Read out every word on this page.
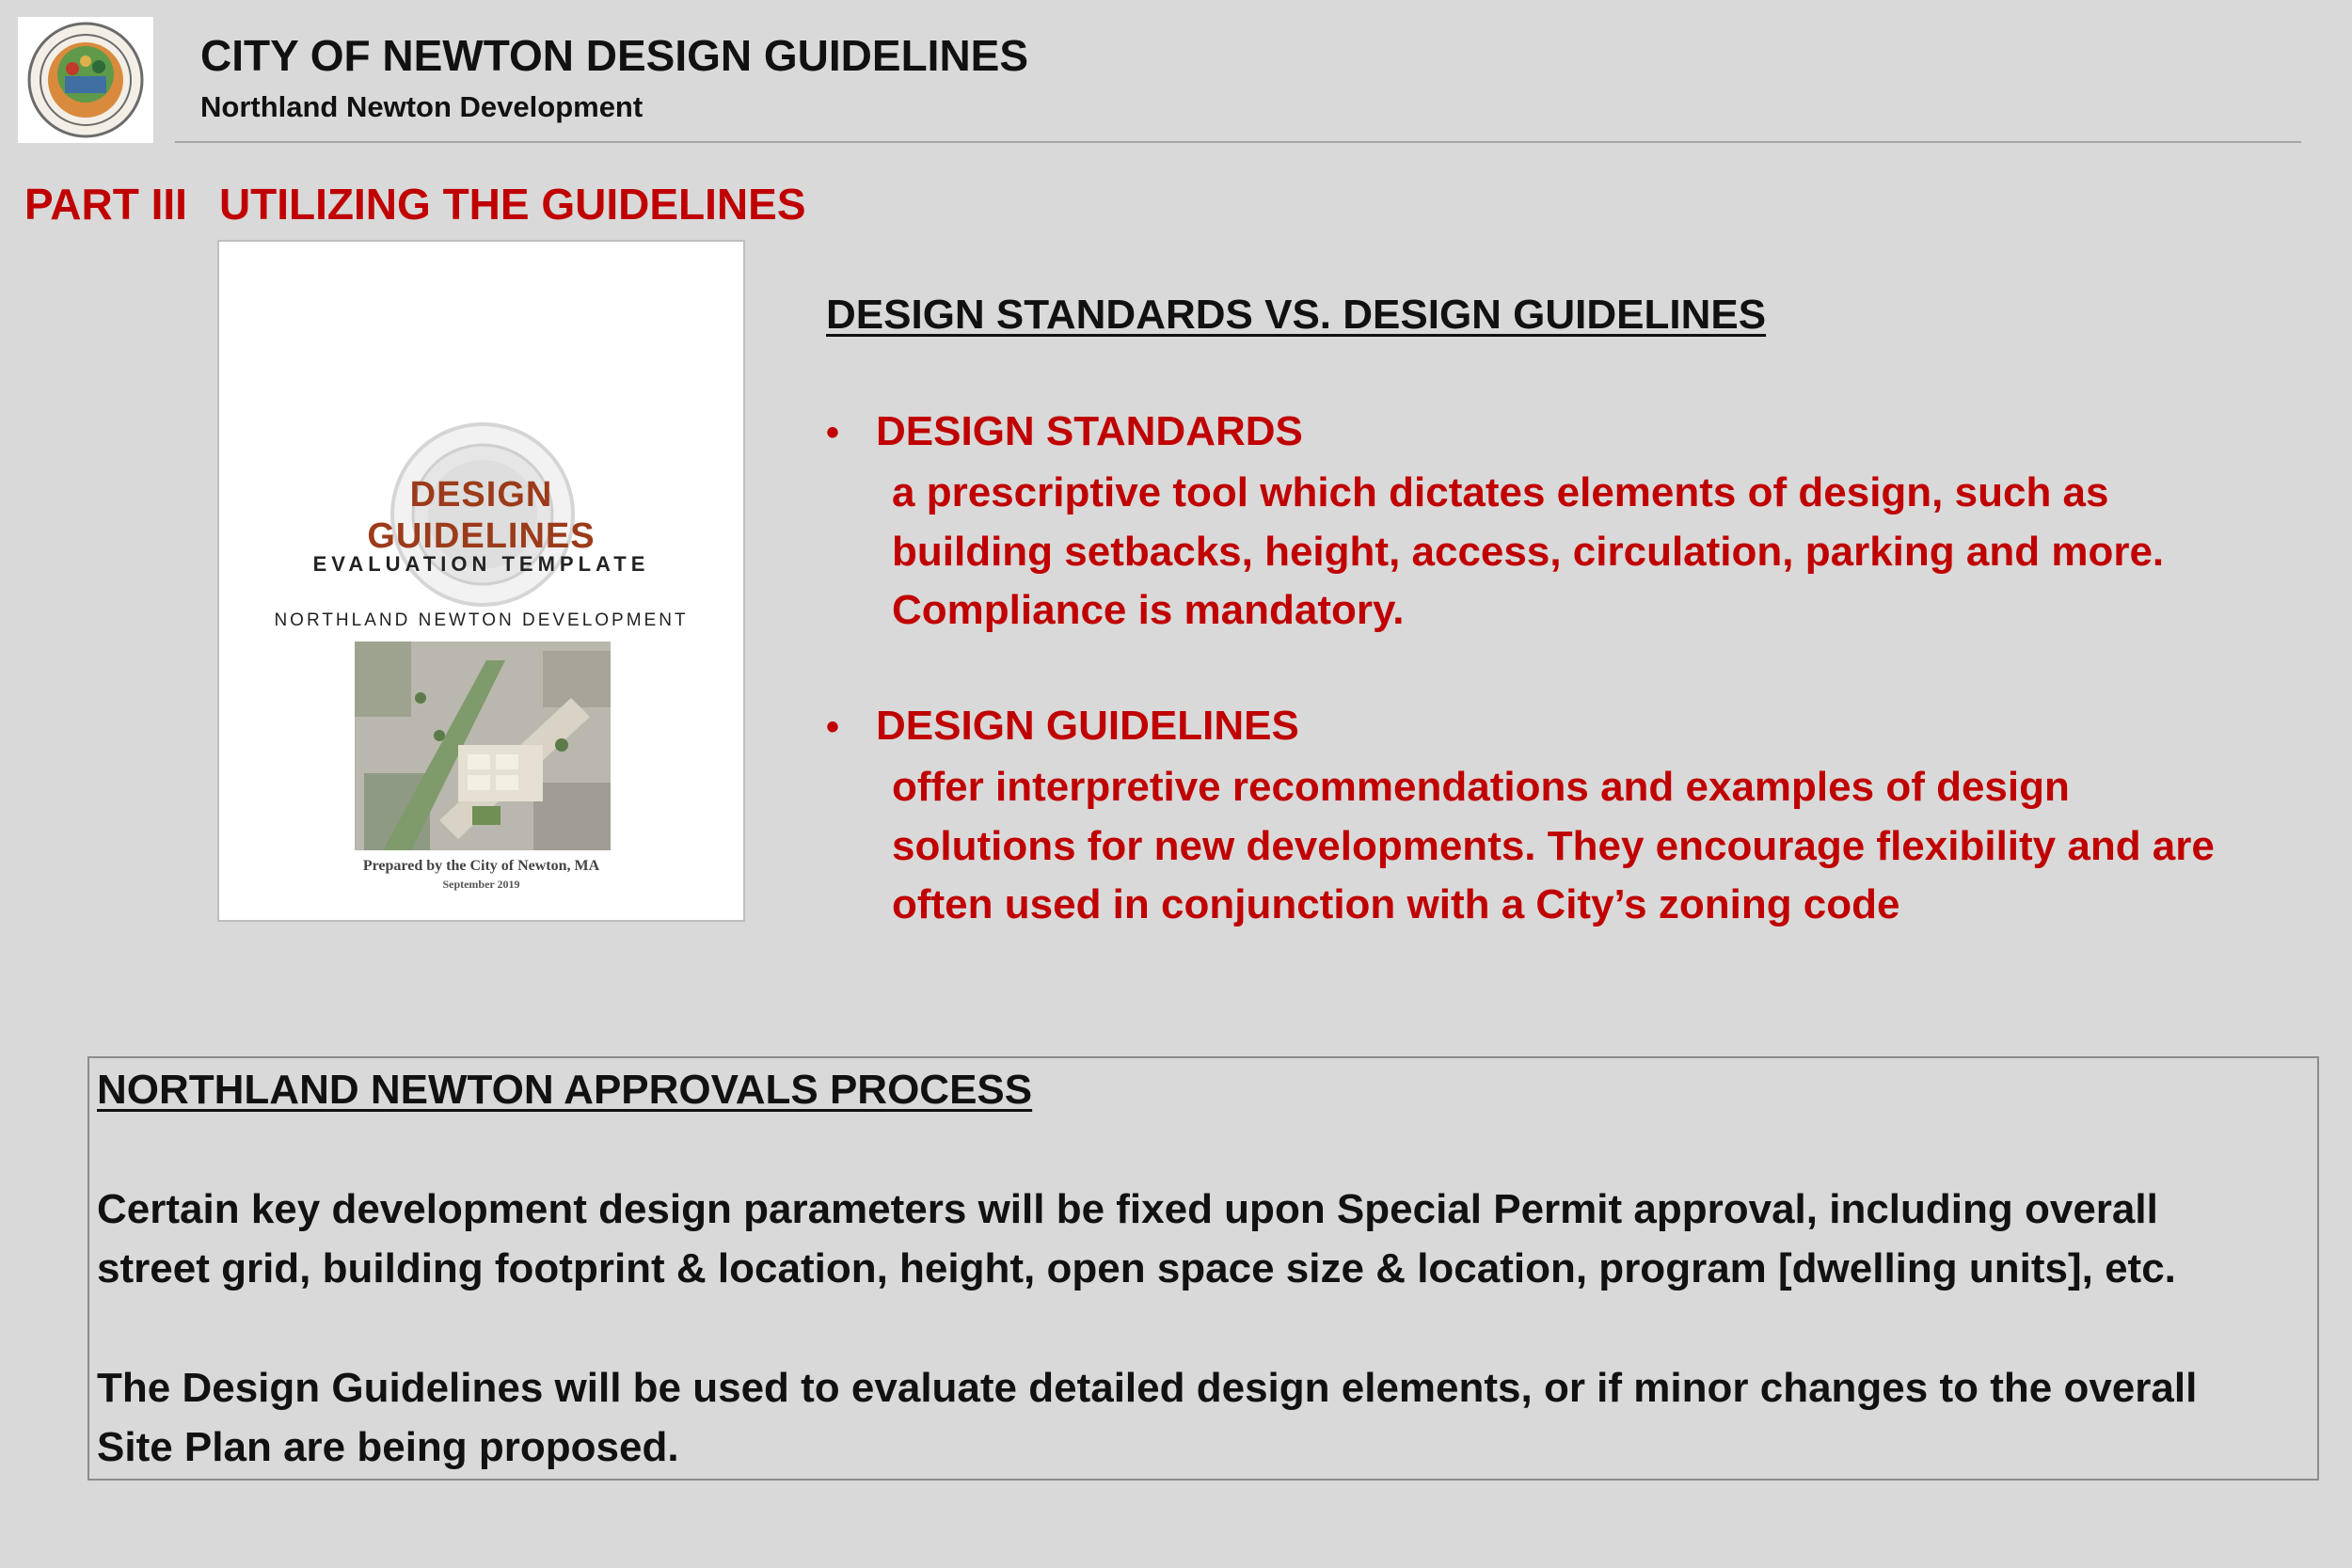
CITY OF NEWTON DESIGN GUIDELINES
Northland Newton Development
PART III UTILIZING THE GUIDELINES
DESIGN
GUIDELINES
EVALUATION TEMPLATE
NORTHLAND NEWTON DEVELOPMENT
Prepared by the City of Newton, MA
September 2019
DESIGN STANDARDS VS. DESIGN GUIDELINES
• DESIGN STANDARDS
a prescriptive tool which dictates elements of design, such as
building setbacks, height, access, circulation, parking and more.
Compliance is mandatory.
• DESIGN GUIDELINES
offer interpretive recommendations and examples of design
solutions for new developments. They encourage flexibility and are
often used in conjunction with a City’s zoning code
NORTHLAND NEWTON APPROVALS PROCESS
Certain key development design parameters will be fixed upon Special Permit approval, including overall
street grid, building footprint & location, height, open space size & location, program [dwelling units], etc.
The Design Guidelines will be used to evaluate detailed design elements, or if minor changes to the overall
Site Plan are being proposed.
